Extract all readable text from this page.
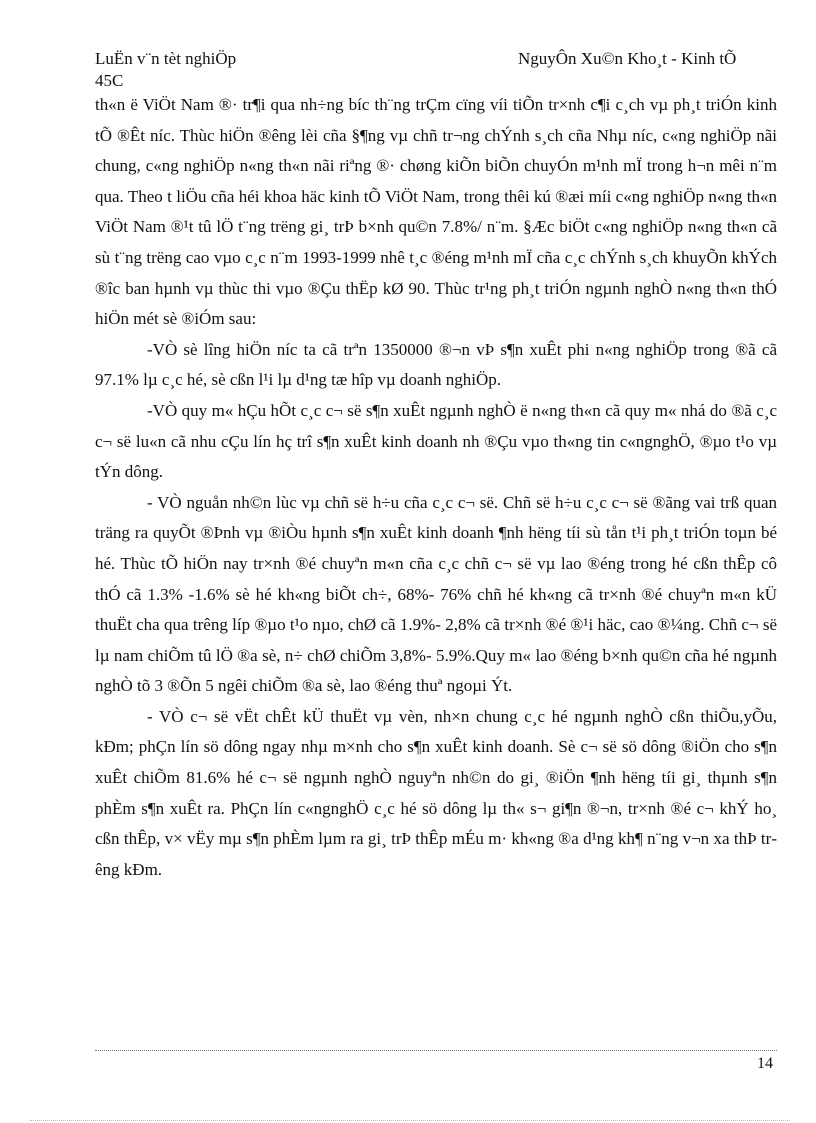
LuËn v¨n tèt nghiÖp
45C
NguyÔn Xu©n Kho¸t - Kinh tÕ

th«n ë ViÖt Nam ®· tr¶i qua nh÷ng bíc th¨ng trÇm cïng víi tiÕn tr×nh c¶i c¸ch vµ ph¸t triÓn kinh tÕ ®Êt níc. Thùc hiÖn ®êng lèi cña §¶ng vµ chñ tr¬ng chÝnh s¸ch cña Nhµ níc, c«ng nghiÖp nãi chung, c«ng nghiÖp n«ng th«n nãi riªng ®· chøng kiÕn biÕn chuyÓn m¹nh mÏ trong h¬n mêi n¨m qua. Theo t liÖu cña héi khoa häc kinh tÕ ViÖt Nam, trong thêi kú ®æi míi c«ng nghiÖp n«ng th«n ViÖt Nam ®¹t tû lÖ t¨ng trëng gi¸ trÞ b×nh qu©n 7.8%/ n¨m. §Æc biÖt c«ng nghiÖp n«ng th«n cã sù t¨ng trëng cao vµo c¸c n¨m 1993-1999 nhê t¸c ®éng m¹nh mÏ cña c¸c chÝnh s¸ch khuyÕn khÝch ®îc ban hµnh vµ thùc thi vµo ®Çu thËp kØ 90. Thùc tr¹ng ph¸t triÓn ngµnh nghÒ n«ng th«n thÓ hiÖn mét sè ®iÓm sau:

-VÒ sè lîng hiÖn níc ta cã trªn 1350000 ®¬n vÞ s¶n xuÊt phi n«ng nghiÖp trong ®ã cã 97.1% lµ c¸c hé, sè cßn l¹i lµ d¹ng tæ hîp vµ doanh nghiÖp.

-VÒ quy m« hÇu hÕt c¸c c¬ së s¶n xuÊt ngµnh nghÒ ë n«ng th«n cã quy m« nhá do ®ã c¸c c¬ së lu«n cã nhu cÇu lín hç trî s¶n xuÊt kinh doanh nh ®Çu vµo th«ng tin c«ngnghÖ, ®µo t¹o vµ tÝn dông.

- VÒ nguån nh©n lùc vµ chñ së h÷u cña c¸c c¬ së. Chñ së h÷u c¸c c¬ së ®ãng vai trß quan träng ra quyÕt ®Þnh vµ ®iÒu hµnh s¶n xuÊt kinh doanh ¶nh hëng tíi sù tån t¹i ph¸t triÓn toµn bé hé. Thùc tÕ hiÖn nay tr×nh ®é chuyªn m«n cña c¸c chñ c¬ së vµ lao ®éng trong hé cßn thÊp cô thÓ cã 1.3% -1.6% sè hé kh«ng biÕt ch÷, 68%- 76% chñ hé kh«ng cã tr×nh ®é chuyªn m«n kÜ thuËt cha qua trêng líp ®µo t¹o nµo, chØ cã 1.9%- 2,8% cã tr×nh ®é ®¹i häc, cao ®¼ng. Chñ c¬ së lµ nam chiÕm tû lÖ ®a sè, n÷ chØ chiÕm 3,8%- 5.9%.Quy m« lao ®éng b×nh qu©n cña hé ngµnh nghÒ tõ 3 ®Õn 5 ngêi chiÕm ®a sè, lao ®éng thuª ngoµi Ýt.

- VÒ c¬ së vËt chÊt kÜ thuËt vµ vèn, nh×n chung c¸c hé ngµnh nghÒ cßn thiÕu,yÕu, kÐm; phÇn lín sö dông ngay nhµ m×nh cho s¶n xuÊt kinh doanh. Sè c¬ së sö dông ®iÖn cho s¶n xuÊt chiÕm 81.6% hé c¬ së ngµnh nghÒ nguyªn nh©n do gi¸ ®iÖn ¶nh hëng tíi gi¸ thµnh s¶n phÈm s¶n xuÊt ra. PhÇn lín c«ngnghÖ c¸c hé sö dông lµ th« s¬ gi¶n ®¬n, tr×nh ®é c¬ khÝ ho¸ cßn thÊp, v× vËy mµ s¶n phÈm lµm ra gi¸ trÞ thÊp mÉu m· kh«ng ®a d¹ng kh¶ n¨ng v¬n xa thÞ trêng kÐm.

14
